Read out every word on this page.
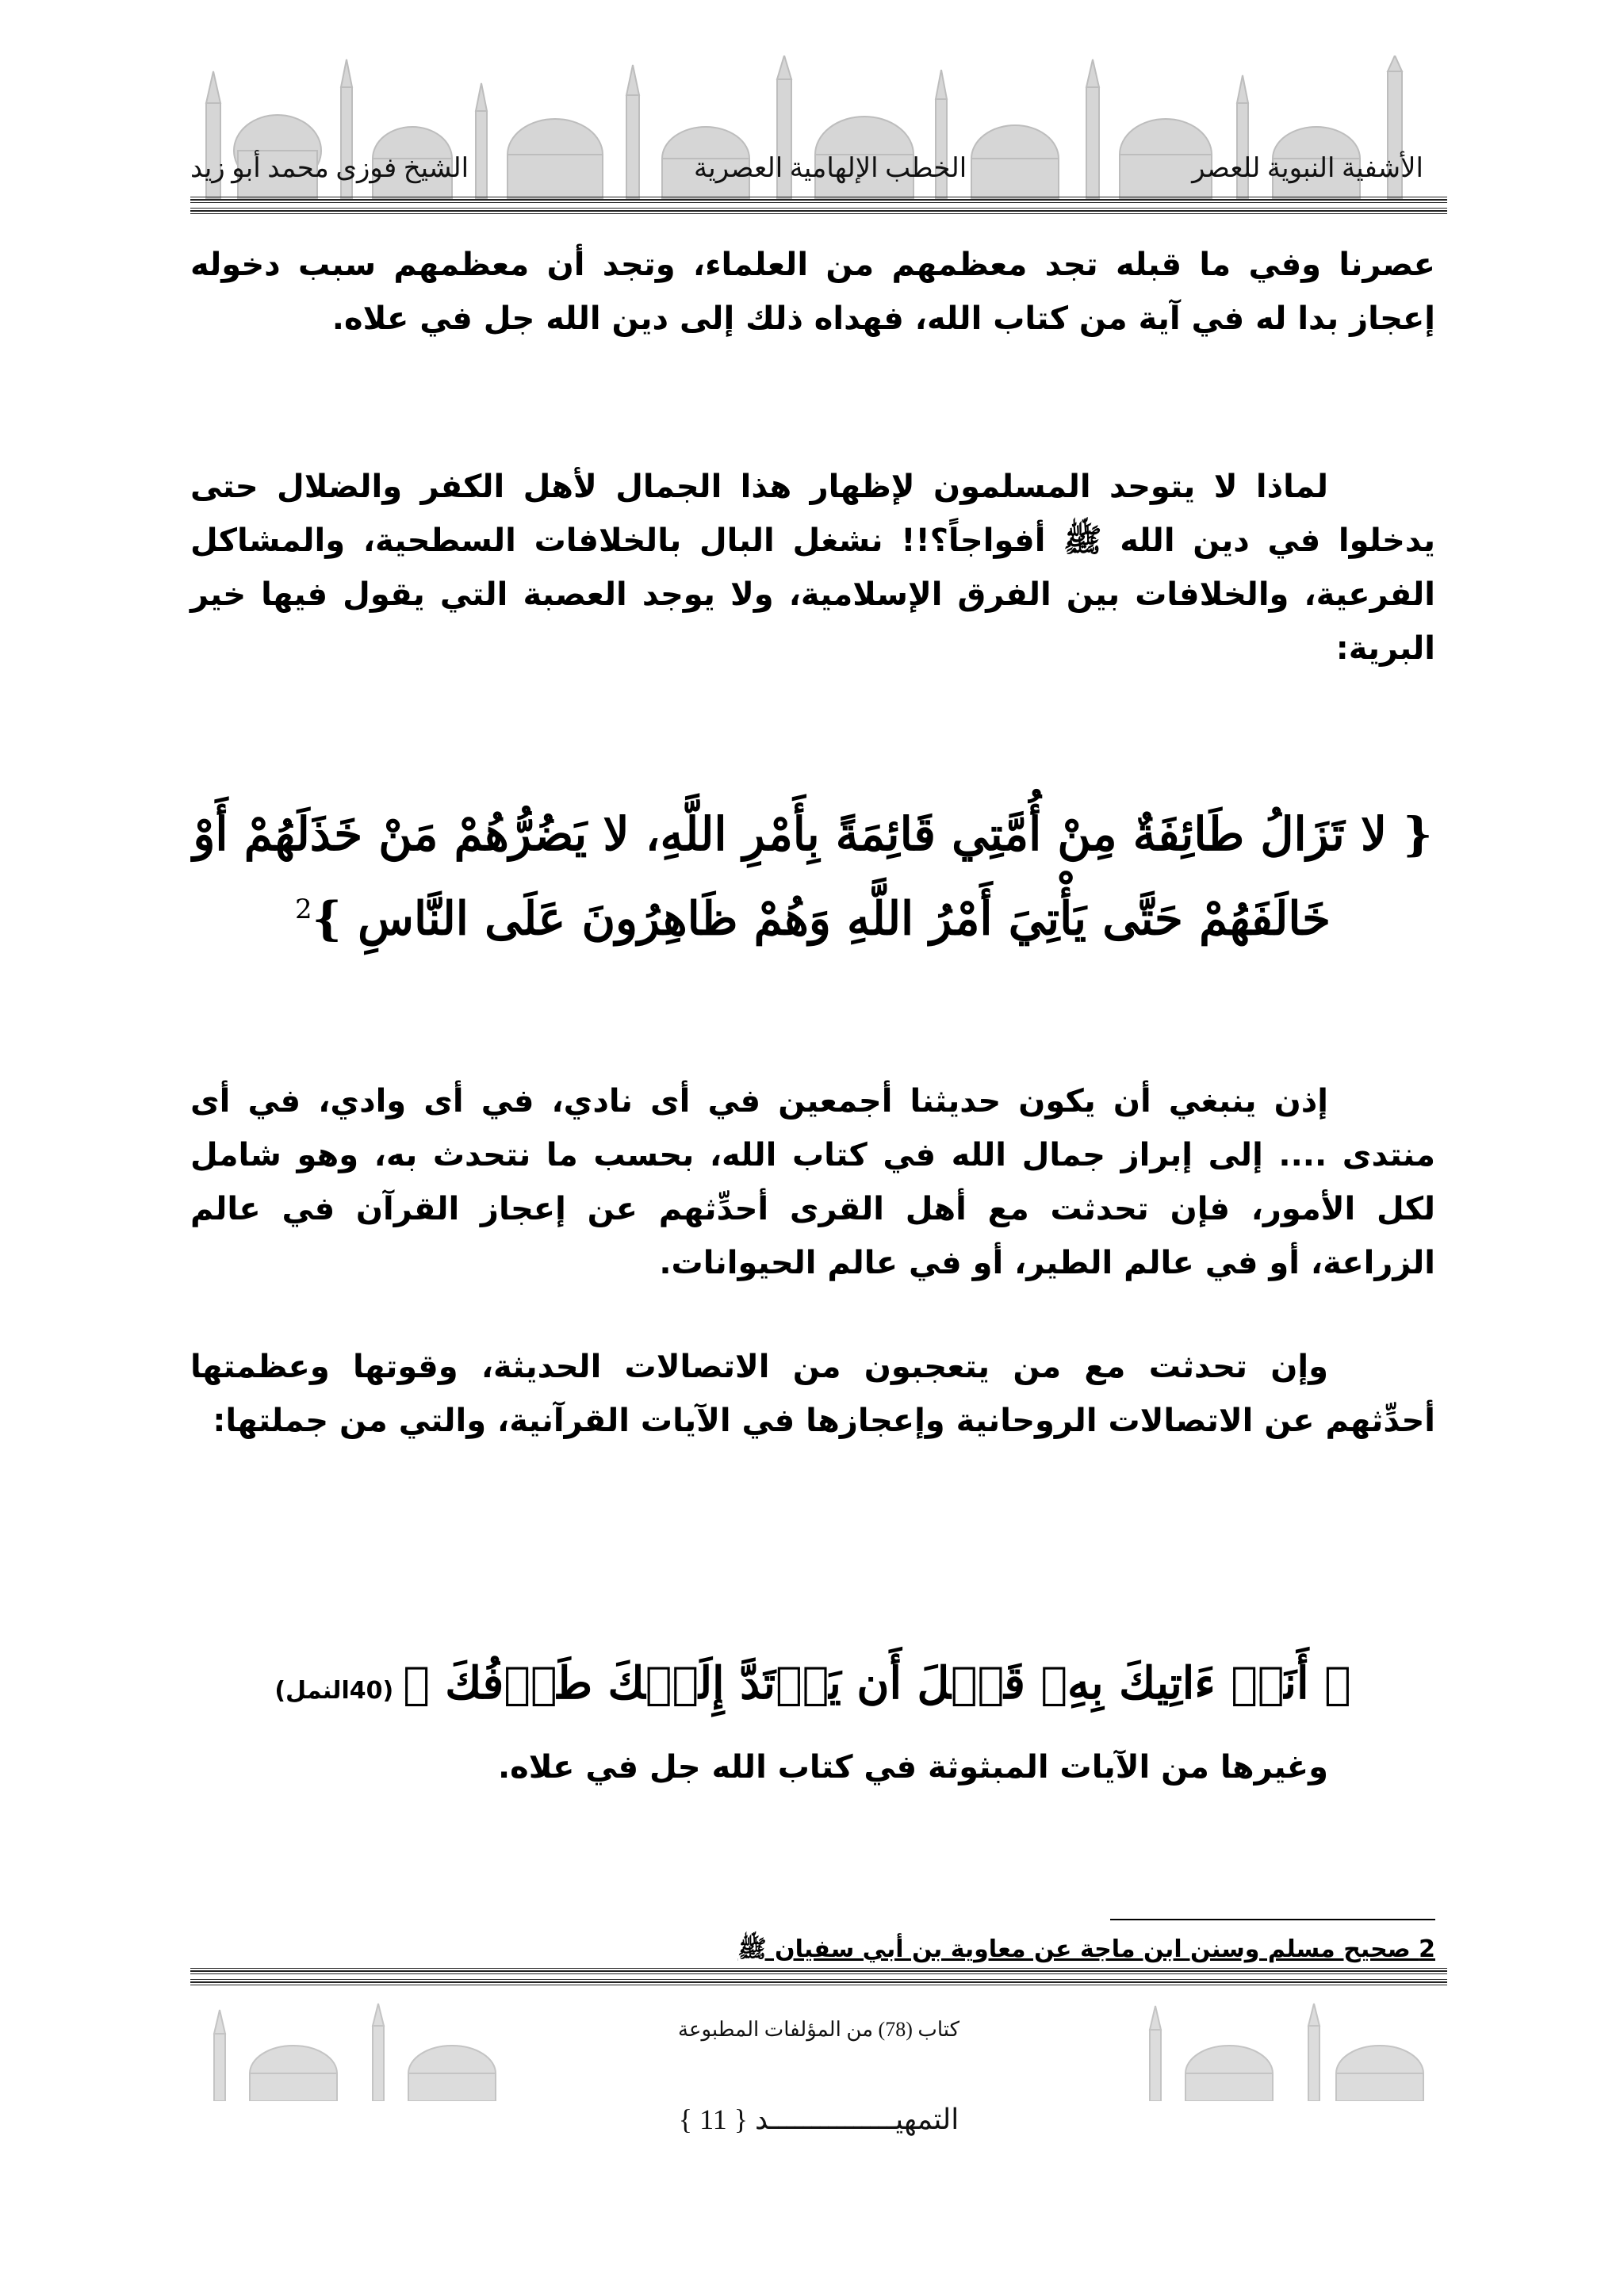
الأشفية النبوية للعصر
الخطب الإلهامية العصرية
الشيخ فوزى محمد أبو زيد
عصرنا وفي ما قبله تجد معظمهم من العلماء، وتجد أن معظمهم سبب دخوله إعجاز بدا له في آية من كتاب الله، فهداه ذلك إلى دين الله جل في علاه.
لماذا لا يتوحد المسلمون لإظهار هذا الجمال لأهل الكفر والضلال حتى يدخلوا في دين الله ﷺ أفواجاً؟!! نشغل البال بالخلافات السطحية، والمشاكل الفرعية، والخلافات بين الفرق الإسلامية، ولا يوجد العصبة التي يقول فيها خير البرية:
{ لا تَزَالُ طَائِفَةٌ مِنْ أُمَّتِي قَائِمَةً بِأَمْرِ اللَّهِ، لا يَضُرُّهُمْ مَنْ خَذَلَهُمْ أَوْ خَالَفَهُمْ حَتَّى يَأْتِيَ أَمْرُ اللَّهِ وَهُمْ ظَاهِرُونَ عَلَى النَّاسِ }$^2$
إذن ينبغي أن يكون حديثنا أجمعين في أى نادي، في أى وادي، في أى منتدى .... إلى إبراز جمال الله في كتاب الله، بحسب ما نتحدث به، وهو شامل لكل الأمور، فإن تحدثت مع أهل القرى أحدِّثهم عن إعجاز القرآن في عالم الزراعة، أو في عالم الطير، أو في عالم الحيوانات.
وإن تحدثت مع من يتعجبون من الاتصالات الحديثة، وقوتها وعظمتها أحدِّثهم عن الاتصالات الروحانية وإعجازها في الآيات القرآنية، والتي من جملتها:
﴿ أَنَا۠ ءَاتِيكَ بِهِۦ قَبۡلَ أَن يَرۡتَدَّ إِلَيۡكَ طَرۡفُكَ ﴾(40النمل)
وغيرها من الآيات المبثوثة في كتاب الله جل في علاه.
2 صحيح مسلم وسنن ابن ماجة عن معاوية بن أبي سفيان ﷺ
كتاب (78) من المؤلفات المطبوعة
التمهيـــــــــــــــد { 11 }
